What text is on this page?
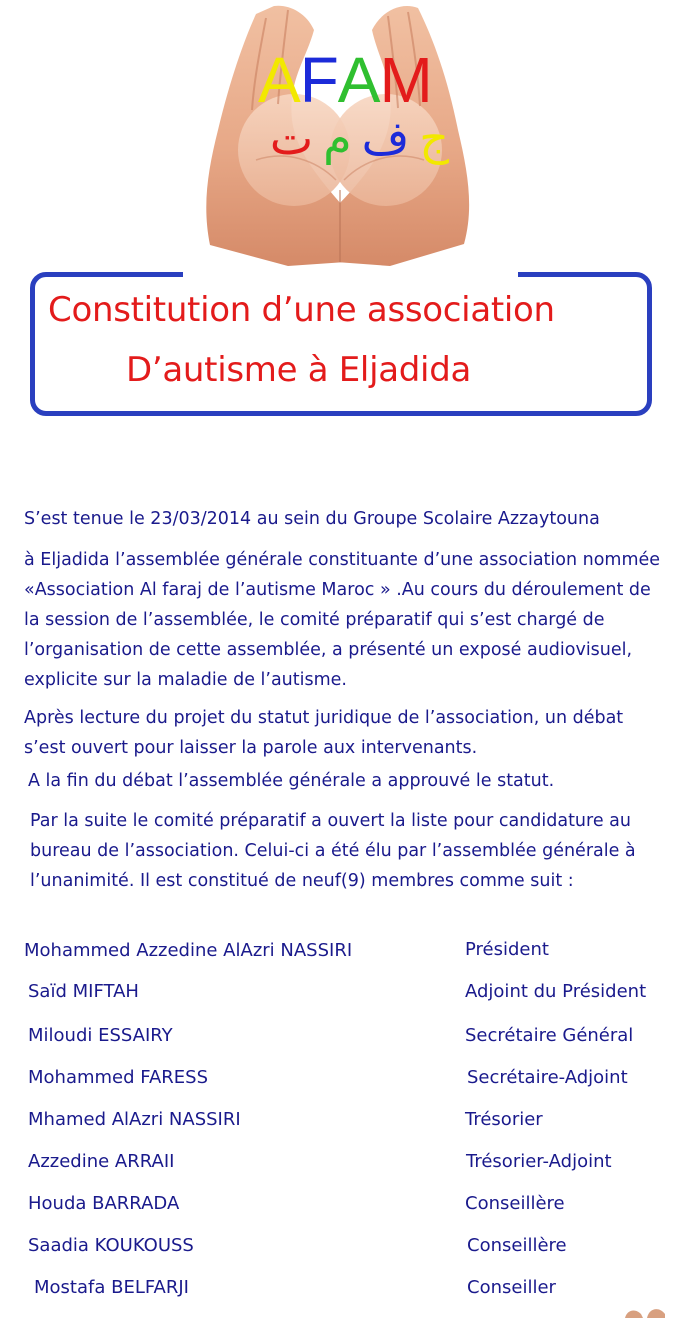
AFAM
جفمت
Constitution d’une association
D’autisme à Eljadida
S’est tenue le 23/03/2014 au sein du Groupe Scolaire Azzaytouna
à Eljadida l’assemblée générale constituante d’une association nommée «Association Al faraj de l’autisme Maroc » .Au cours du déroulement de la session de l’assemblée, le comité préparatif qui s’est chargé de l’organisation de cette assemblée, a présenté un exposé audiovisuel, explicite sur la maladie de l’autisme.
Après lecture du projet du statut juridique de l’association, un débat s’est ouvert pour laisser la parole aux intervenants.
A la fin du débat l’assemblée générale a approuvé le statut.
Par la suite le comité préparatif a ouvert la liste pour candidature au bureau de l’association. Celui-ci a été élu par l’assemblée générale à l’unanimité. Il est constitué de neuf(9) membres comme suit :
Mohammed Azzedine AlAzri NASSIRI	Président
Saïd MIFTAH	Adjoint du Président
Miloudi ESSAIRY	Secrétaire Général
Mohammed FARESS	Secrétaire-Adjoint
Mhamed AlAzri NASSIRI	Trésorier
Azzedine ARRAII	Trésorier-Adjoint
Houda BARRADA	Conseillère
Saadia KOUKOUSS	Conseillère
Mostafa BELFARJI	Conseiller
